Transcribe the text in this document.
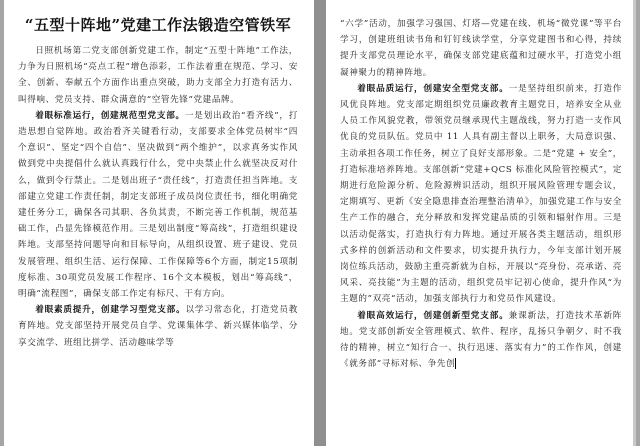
“五型十阵地”党建工作法锻造空管铁军

日照机场第二党支部创新党建工作，制定“五型十阵地”工作法，力争为日照机场“亮点工程”增色添彩，工作法着重在规范、学习、安全、创新、奉献五个方面作出重点突破，助力支部全力打造有活力、叫得响、党员支持、群众满意的“空管先锋”党建品牌。

着眼标准运行，创建规范型党支部。一是划出政治“看齐线”，打造思想自觉阵地。政治看齐关键看行动，支部要求全体党员树牢“四个意识”、坚定“四个自信”、坚决做到“两个维护”，以求真务实作风做到党中央提倡什么就认真践行什么，党中央禁止什么就坚决反对什么，做到令行禁止。二是划出班子“责任线”，打造责任担当阵地。支部建立党建工作责任制，制定支部班子成员岗位责任书，细化明确党建任务分工，确保各司其职、各负其责，不断完善工作机制，规范基础工作，凸显先锋模范作用。三是划出制度“筹高线”，打造组织建设阵地。支部坚持问题导向和目标导向，从组织设置、班子建设、党员发展管理、组织生活、运行保障、工作保障等6个方面，制定15项制度标准、30项党员发展工作程序、16个文本模板，划出“筹高线”，明确“流程图”，确保支部工作定有标尺、干有方向。

着眼素质提升，创建学习型党支部。以学习常态化，打造党员教育阵地。党支部坚持开展党员自学、党课集体学、新兴媒体临学、分享交流学、班组比拼学、活动趣味学等

“六学”活动，加强学习强国、灯塔—党建在线、机场“微党课”等平台学习，创建班组读书角和钉钉线读学堂，分享党建图书和心得，持续提升支部党员理论水平，确保支部党建底蕴和过硬水平，打造党小组凝神聚力的精神阵地。

着眼品质运行，创建安全型党支部。一是坚持组织前来，打造作风优良阵地。党支部定期组织党员廉政教育主题党日，培养安全从业人员工作风貌党教，带领党员继承现代主题战线，努力打造一支作风优良的党员队伍。党员中 11 人具有副主督以上职务，大局意识强、主动承担各项工作任务，树立了良好支部形象。二是“党建 + 安全”，打造标准培养阵地。支部创新“党建+QCS 标准化风险管控模式”，定期进行危险源分析、危险源辨识活动，组织开展风险管理专题会议，定期填写、更新《安全隐患排查治理整治清单》，加强党建工作与安全生产工作的融合，充分释放和发挥党建品质的引领和辐射作用。三是以活动促落实，打造执行有力阵地。通过开展各类主题活动，组织形式多样的创新活动和文件要求，切实提升执行力，今年支部计划开展岗位练兵活动，鼓励主重亮新就为自标，开展以“亮身份、亮承诺、亮风采、亮技能”为主题的活动，组织党员牢记初心使命，提升作风“为主题的”双亮“活动，加强支部执行力和党员作风建设。

着眼高效运行，创建创新型党支部。兼课新法，打造技术革新阵地。党支部创新安全管理模式、软件、程序，乱扬只争朝夕、时不我待的精神，树立“知行合一、执行迅速、落实有力”的工作作风，创建《就务部“寻标对标、争先创
